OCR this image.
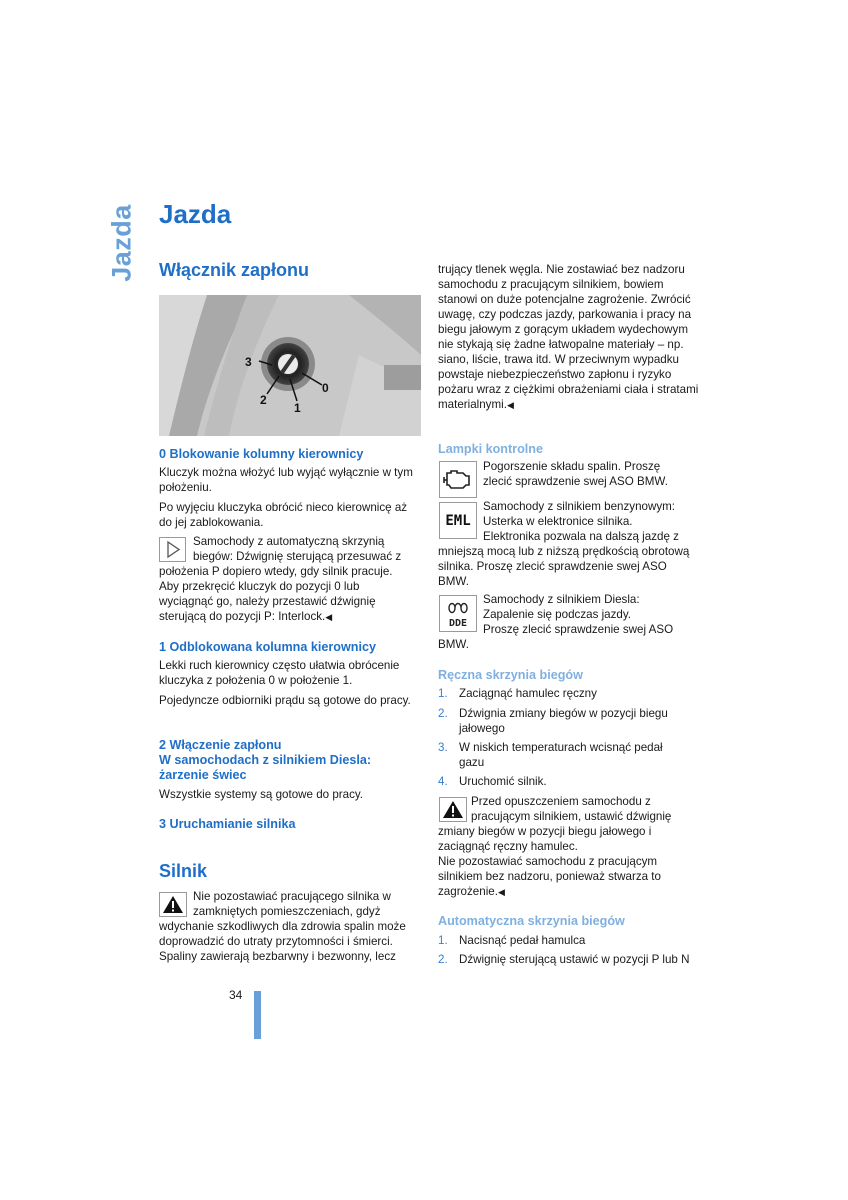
Jazda Jazda
Włącznik zapłonu
3
2
1
0
0 Blokowanie kolumny kierownicy

Kluczyk można włożyć lub wyjąć wyłącznie w tym położeniu.

Po wyjęciu kluczyka obrócić nieco kierownicę aż do jej zablokowania.

Samochody z automatyczną skrzynią

biegów: Dźwignię sterującą przesuwać z

położenia P dopiero wtedy, gdy silnik pracuje. Aby przekręcić kluczyk do pozycji 0 lub wyciągnąć go, należy przestawić dźwignię sterującą do pozycji P: Interlock.◀

1 Odblokowana kolumna kierownicy

Lekki ruch kierownicy często ułatwia obrócenie kluczyka z położenia 0 w położenie 1.

Pojedyncze odbiorniki prądu są gotowe do pracy.

2 Włączenie zapłonu
W samochodach z silnikiem Diesla:
żarzenie świec

Wszystkie systemy są gotowe do pracy.

3 Uruchamianie silnika
Silnik

Nie pozostawiać pracującego silnika w

zamkniętych pomieszczeniach, gdyż

wdychanie szkodliwych dla zdrowia spalin może doprowadzić do utraty przytomności i śmierci. Spaliny zawierają bezbarwny i bezwonny, lecz

34

trujący tlenek węgla. Nie zostawiać bez nadzoru samochodu z pracującym silnikiem, bowiem stanowi on duże potencjalne zagrożenie. Zwrócić uwagę, czy podczas jazdy, parkowania i pracy na biegu jałowym z gorącym układem wydechowym nie stykają się żadne łatwopalne materiały – np. siano, liście, trawa itd. W przeciwnym wypadku powstaje niebezpieczeństwo zapłonu i ryzyko pożaru wraz z ciężkimi obrażeniami ciała i stratami materialnymi.◀

Lampki kontrolne

Pogorszenie składu spalin. Proszę

zlecić sprawdzenie swej ASO BMW.

EML

Samochody z silnikiem benzynowym:

Usterka w elektronice silnika.

Elektronika pozwala na dalszą jazdę z

mniejszą mocą lub z niższą prędkością obrotową silnika. Proszę zlecić sprawdzenie swej ASO BMW.

DDE

Samochody z silnikiem Diesla:

Zapalenie się podczas jazdy.

Proszę zlecić sprawdzenie swej ASO

BMW.

Ręczna skrzynia biegów
1. Zaciągnąć hamulec ręczny
2. Dźwignia zmiany biegów w pozycji biegu
jałowego
3. W niskich temperaturach wcisnąć pedał
gazu
4. Uruchomić silnik.

Przed opuszczeniem samochodu z

pracującym silnikiem, ustawić dźwignię

zmiany biegów w pozycji biegu jałowego i zaciągnąć ręczny hamulec.

Nie pozostawiać samochodu z pracującym silnikiem bez nadzoru, ponieważ stwarza to zagrożenie.◀

Automatyczna skrzynia biegów
1. Nacisnąć pedał hamulca
2. Dźwignię sterującą ustawić w pozycji P lub N
